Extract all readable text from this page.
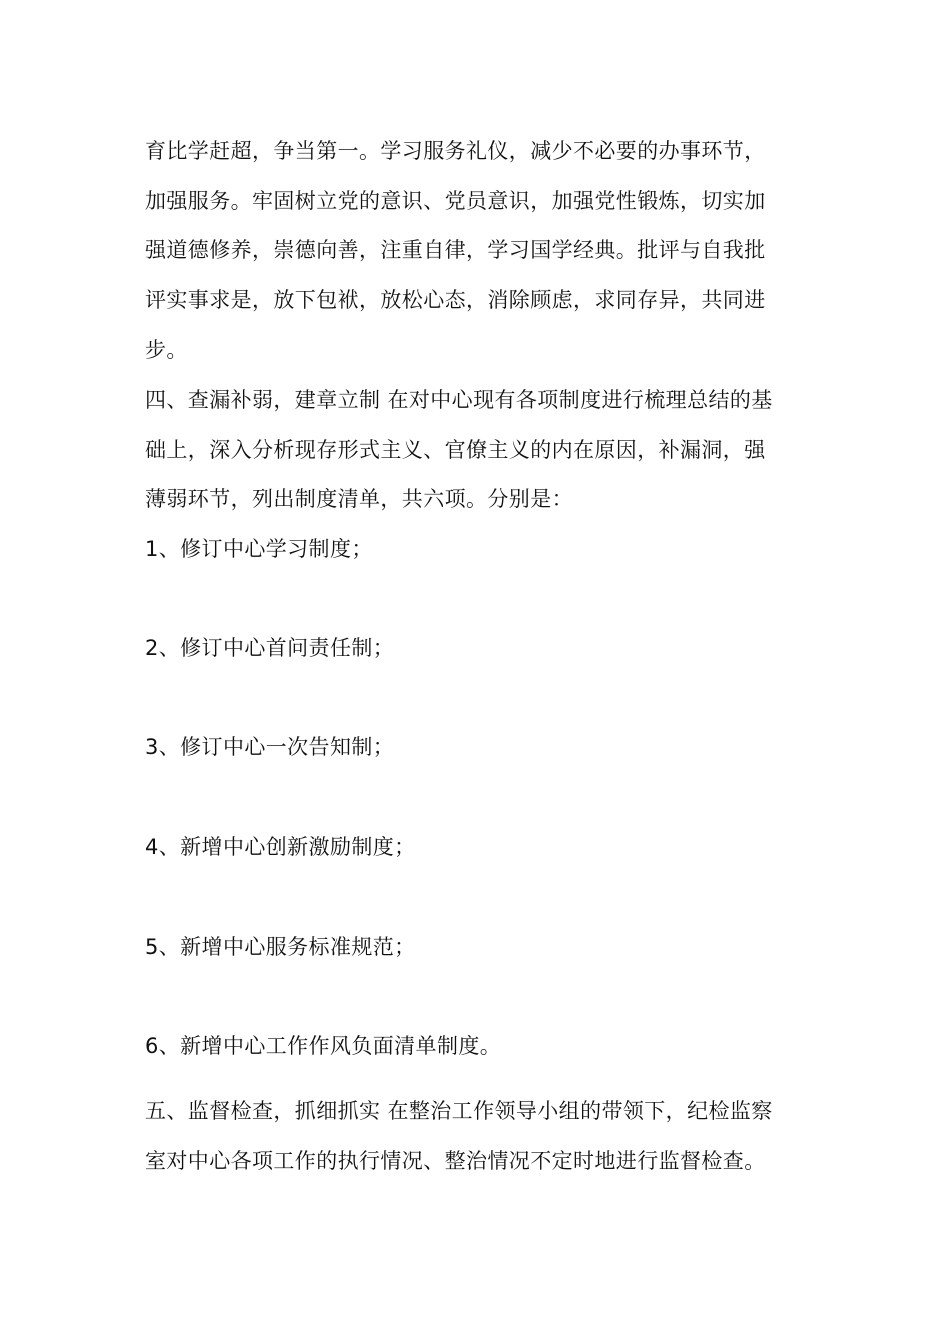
育比学赶超，争当第一。学习服务礼仪，减少不必要的办事环节，
加强服务。牢固树立党的意识、党员意识，加强党性锻炼，切实加
强道德修养，崇德向善，注重自律，学习国学经典。批评与自我批
评实事求是，放下包袱，放松心态，消除顾虑，求同存异，共同进
步。
四、查漏补弱，建章立制 在对中心现有各项制度进行梳理总结的基
础上，深入分析现存形式主义、官僚主义的内在原因，补漏洞，强
薄弱环节，列出制度清单，共六项。分别是：
1、修订中心学习制度；
2、修订中心首问责任制；
3、修订中心一次告知制；
4、新增中心创新激励制度；
5、新增中心服务标准规范；
6、新增中心工作作风负面清单制度。
五、监督检查，抓细抓实 在整治工作领导小组的带领下，纪检监察
室对中心各项工作的执行情况、整治情况不定时地进行监督检查。
